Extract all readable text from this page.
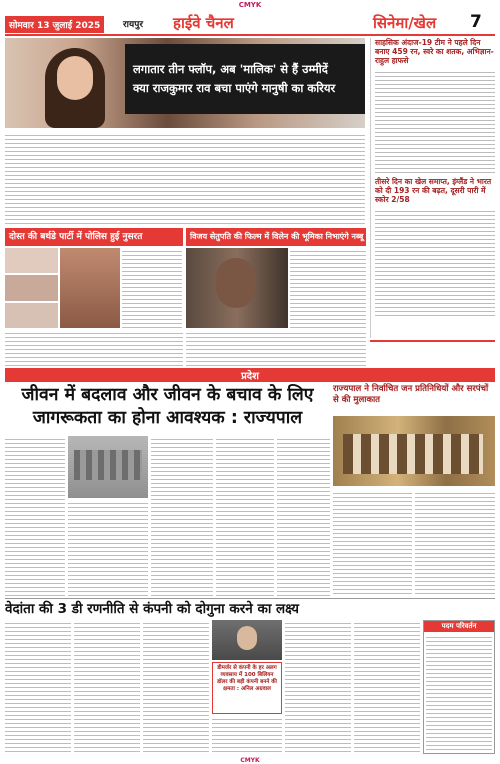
CMYK
सोमवार 13 जुलाई 2025	रायपुर हाईवे चैनल	सिनेमा/खेल 7
लगातार तीन फ्लॉप, अब 'मालिक' से हैं उम्मीदें
क्या राजकुमार राव बचा पाएंगे मानुषी का करियर
साहसिक अंदाज-19 टीम ने पहले दिन बनाए 459 रन, स्वरे का शतक, अभिज्ञान-राहुल हाफसे
तीसरे दिन का खेल समाप्त, इंग्लैंड ने भारत को दी 193 रन की बढ़त, दूसरी पारी में स्कोर 2/58
दोस्त की बर्थडे पार्टी में पोलिस हुई नुसरत	विजय सेतुपति की फिल्म में विलेन की भूमिका निभाएंगे नब्बू
प्रदेश
जीवन में बदलाव और जीवन के बचाव के लिए जागरूकता का होना आवश्यक : राज्यपाल
राज्यपाल ने निर्वाचित जन प्रतिनिधियों और सरपंचों से की मुलाकात
वेदांता की 3 डी रणनीति से कंपनी को दोगुना करने का लक्ष्य
डीमर्जर से कंपनी के हर अलग व्यवसाय में 100 बिलियन डॉलर की बड़ी कंपनी बनने की क्षमता : अनिल अग्रवाल
पदम परिवर्तन
CMYK
